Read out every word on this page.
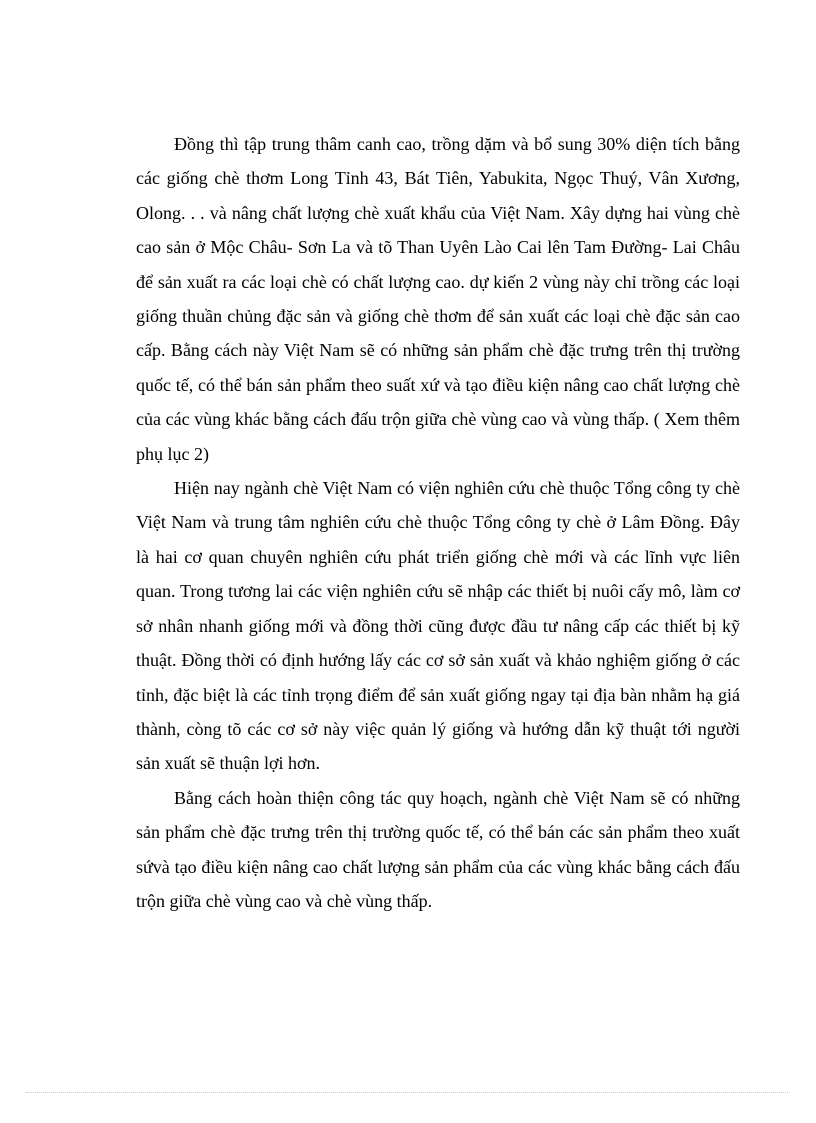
Đồng thì tập trung thâm canh cao, trồng dặm và bổ sung 30% diện tích bằng các giống chè thơm Long Tỉnh 43, Bát Tiên, Yabukita, Ngọc Thuý, Vân Xương, Olong. . . và nâng chất lượng chè xuất khẩu của Việt Nam. Xây dựng hai vùng chè cao sản ở Mộc Châu- Sơn La và tõ Than Uyên Lào Cai lên Tam Đường- Lai Châu để sản xuất ra các loại chè có chất lượng cao. dự kiến 2 vùng này chỉ trồng các loại giống thuần chủng đặc sản và giống chè thơm để sản xuất các loại chè đặc sản cao cấp. Bằng cách này Việt Nam sẽ có những sản phẩm chè đặc trưng trên thị trường quốc tế, có thể bán sản phẩm theo suất xứ và tạo điều kiện nâng cao chất lượng chè của các vùng khác bằng cách đấu trộn giữa chè vùng cao và vùng thấp. ( Xem thêm phụ lục 2)

Hiện nay ngành chè Việt Nam có viện nghiên cứu chè thuộc Tổng công ty chè Việt Nam và trung tâm nghiên cứu chè thuộc Tổng công ty chè ở Lâm Đồng. Đây là hai cơ quan chuyên nghiên cứu phát triển giống chè mới và các lĩnh vực liên quan. Trong tương lai các viện nghiên cứu sẽ nhập các thiết bị nuôi cấy mô, làm cơ sở nhân nhanh giống mới và đồng thời cũng được đầu tư nâng cấp các thiết bị kỹ thuật. Đồng thời có định hướng lấy các cơ sở sản xuất và khảo nghiệm giống ở các tỉnh, đặc biệt là các tỉnh trọng điểm để sản xuất giống ngay tại địa bàn nhằm hạ giá thành, còng tõ các cơ sở này việc quản lý giống và hướng dẫn kỹ thuật tới người sản xuất sẽ thuận lợi hơn.

Bằng cách hoàn thiện công tác quy hoạch, ngành chè Việt Nam sẽ có những sản phẩm chè đặc trưng trên thị trường quốc tế, có thể bán các sản phẩm theo xuất sứvà tạo điều kiện nâng cao chất lượng sản phẩm của các vùng khác bằng cách đấu trộn giữa chè vùng cao và chè vùng thấp.
